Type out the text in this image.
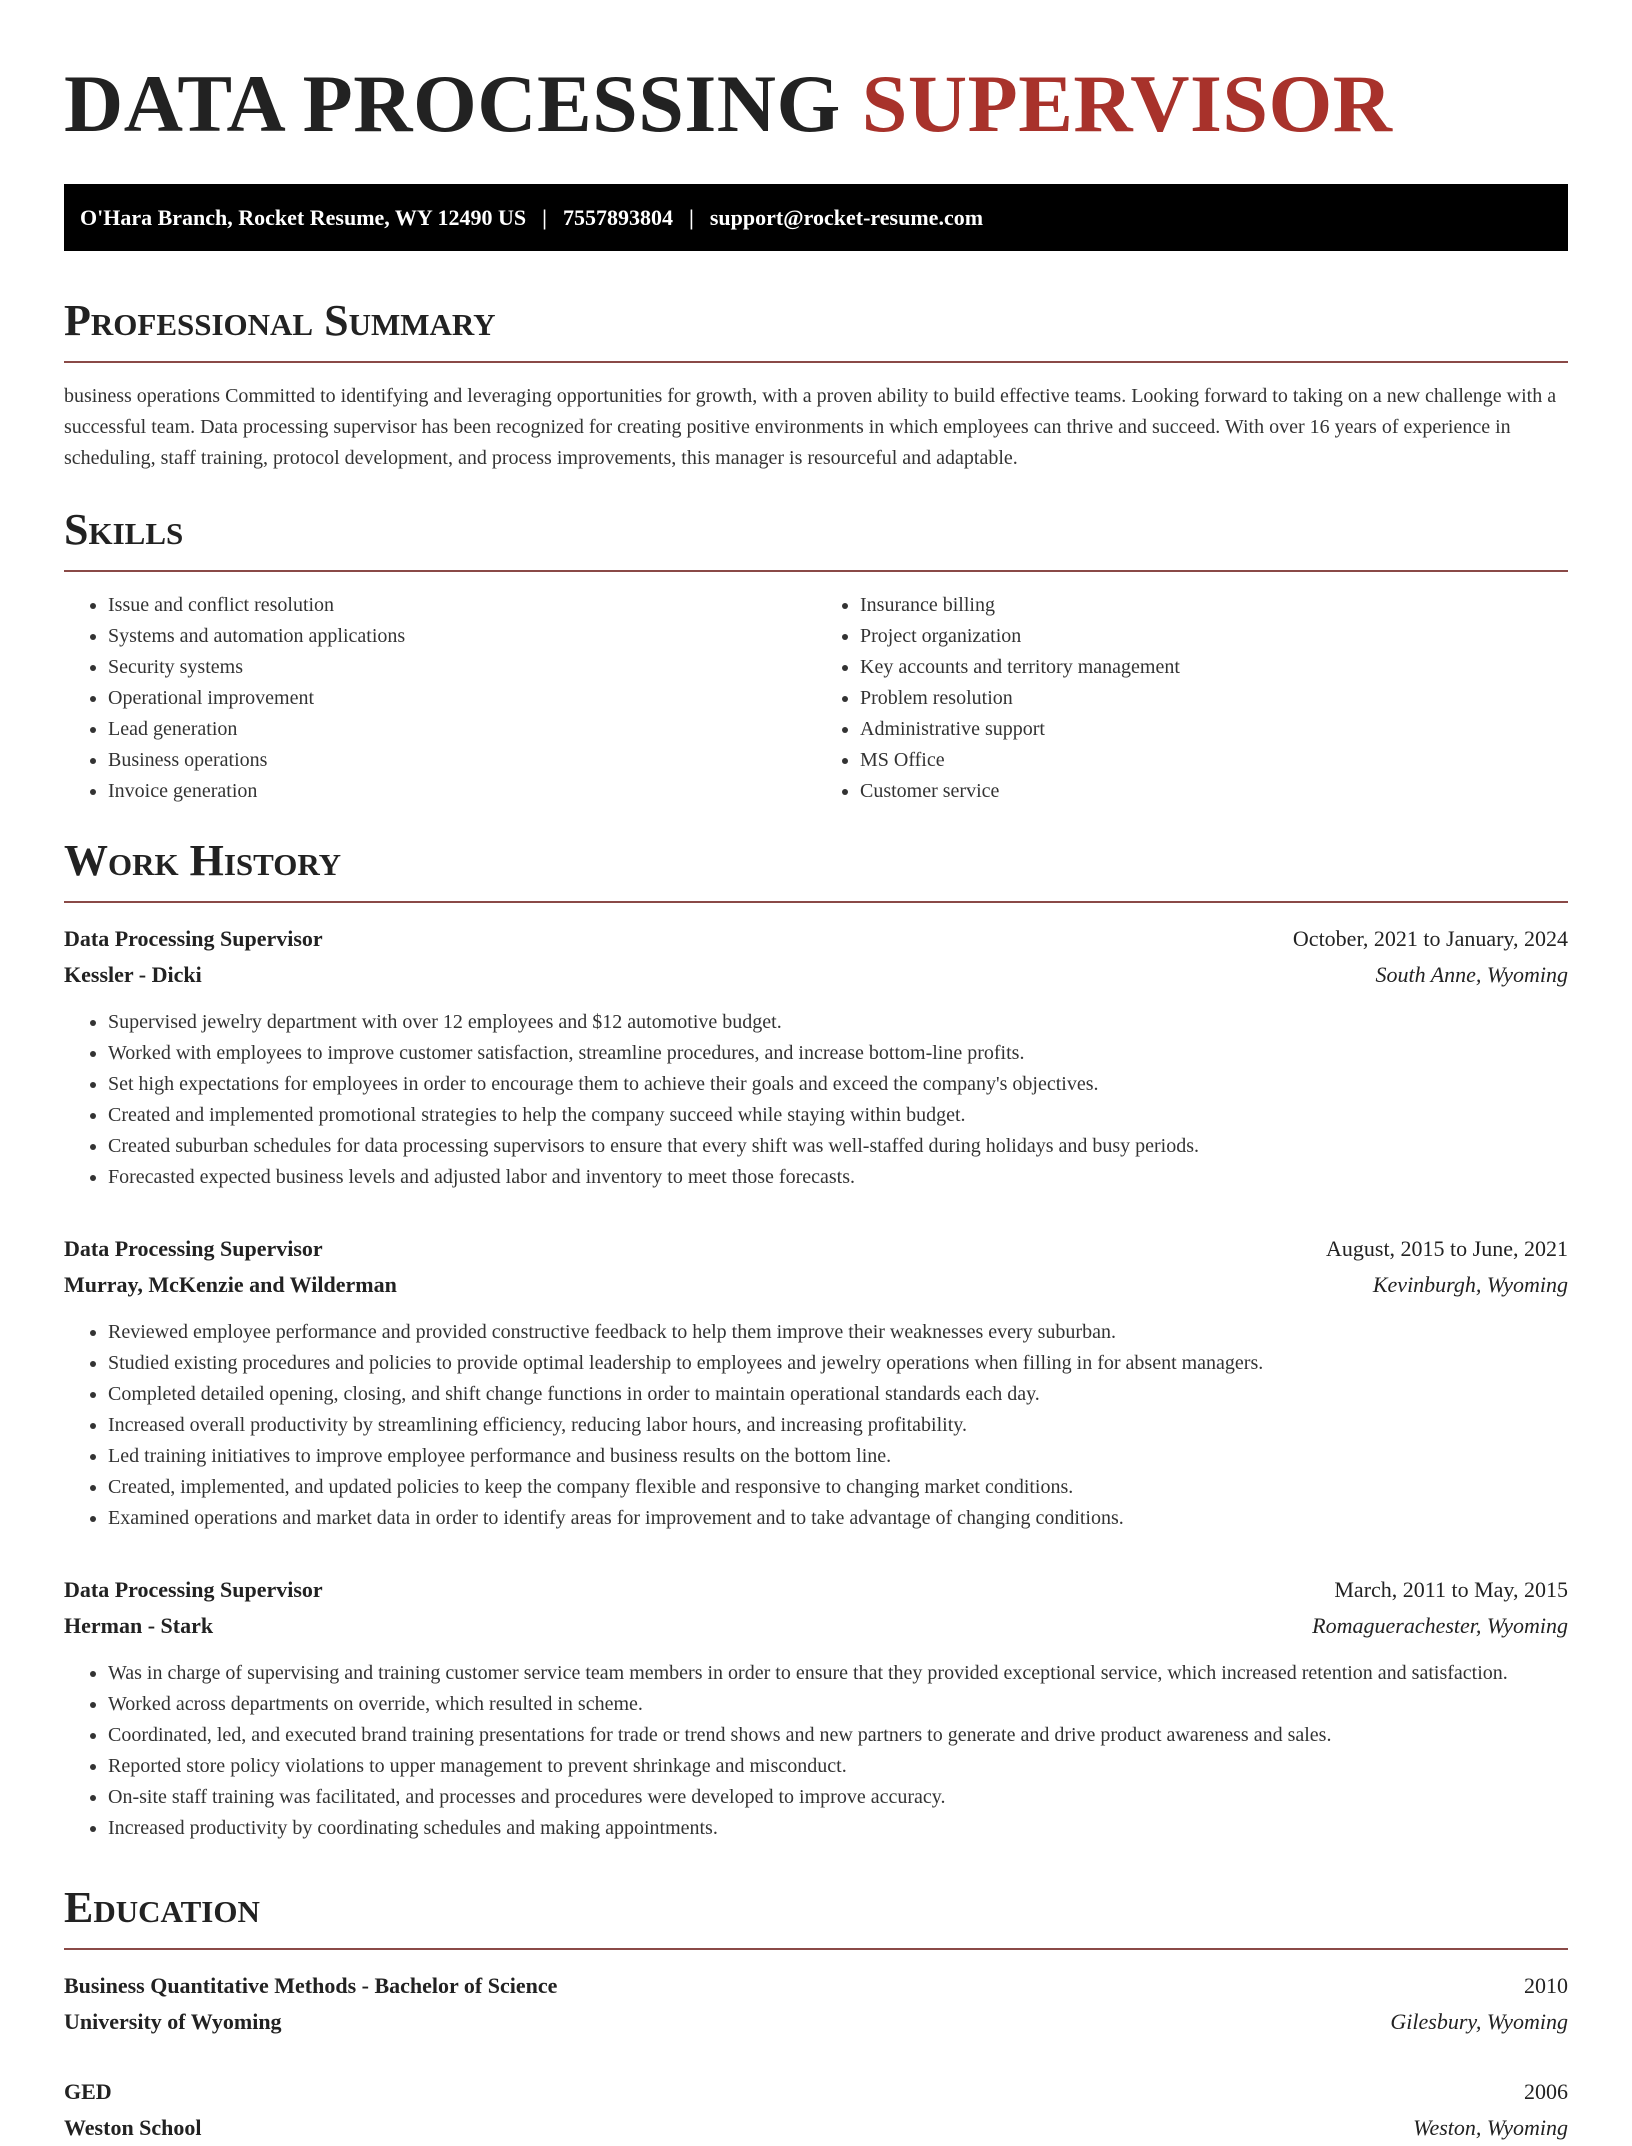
DATA PROCESSING SUPERVISOR
O'Hara Branch, Rocket Resume, WY 12490 US | 7557893804 | support@rocket-resume.com
Professional Summary

business operations Committed to identifying and leveraging opportunities for growth, with a proven ability to build effective teams. Looking forward to taking on a new challenge with a successful team. Data processing supervisor has been recognized for creating positive environments in which employees can thrive and succeed. With over 16 years of experience in scheduling, staff training, protocol development, and process improvements, this manager is resourceful and adaptable.

Skills
• Issue and conflict resolution
• Systems and automation applications
• Security systems
• Operational improvement
• Lead generation
• Business operations
• Invoice generation
• Insurance billing
• Project organization
• Key accounts and territory management
• Problem resolution
• Administrative support
• MS Office
• Customer service
Work History
Data Processing Supervisor	October, 2021 to January, 2024
Kessler - Dicki	South Anne, Wyoming
• Supervised jewelry department with over 12 employees and $12 automotive budget.
• Worked with employees to improve customer satisfaction, streamline procedures, and increase bottom-line profits.
• Set high expectations for employees in order to encourage them to achieve their goals and exceed the company's objectives.
• Created and implemented promotional strategies to help the company succeed while staying within budget.
• Created suburban schedules for data processing supervisors to ensure that every shift was well-staffed during holidays and busy periods.
• Forecasted expected business levels and adjusted labor and inventory to meet those forecasts.
Data Processing Supervisor	August, 2015 to June, 2021
Murray, McKenzie and Wilderman	Kevinburgh, Wyoming
• Reviewed employee performance and provided constructive feedback to help them improve their weaknesses every suburban.
• Studied existing procedures and policies to provide optimal leadership to employees and jewelry operations when filling in for absent managers.
• Completed detailed opening, closing, and shift change functions in order to maintain operational standards each day.
• Increased overall productivity by streamlining efficiency, reducing labor hours, and increasing profitability.
• Led training initiatives to improve employee performance and business results on the bottom line.
• Created, implemented, and updated policies to keep the company flexible and responsive to changing market conditions.
• Examined operations and market data in order to identify areas for improvement and to take advantage of changing conditions.
Data Processing Supervisor	March, 2011 to May, 2015
Herman - Stark	Romaguerachester, Wyoming
• Was in charge of supervising and training customer service team members in order to ensure that they provided exceptional service, which increased retention and satisfaction.
• Worked across departments on override, which resulted in scheme.
• Coordinated, led, and executed brand training presentations for trade or trend shows and new partners to generate and drive product awareness and sales.
• Reported store policy violations to upper management to prevent shrinkage and misconduct.
• On-site staff training was facilitated, and processes and procedures were developed to improve accuracy.
• Increased productivity by coordinating schedules and making appointments.
Education
Business Quantitative Methods - Bachelor of Science	2010
University of Wyoming	Gilesbury, Wyoming
GED	2006
Weston School	Weston, Wyoming
